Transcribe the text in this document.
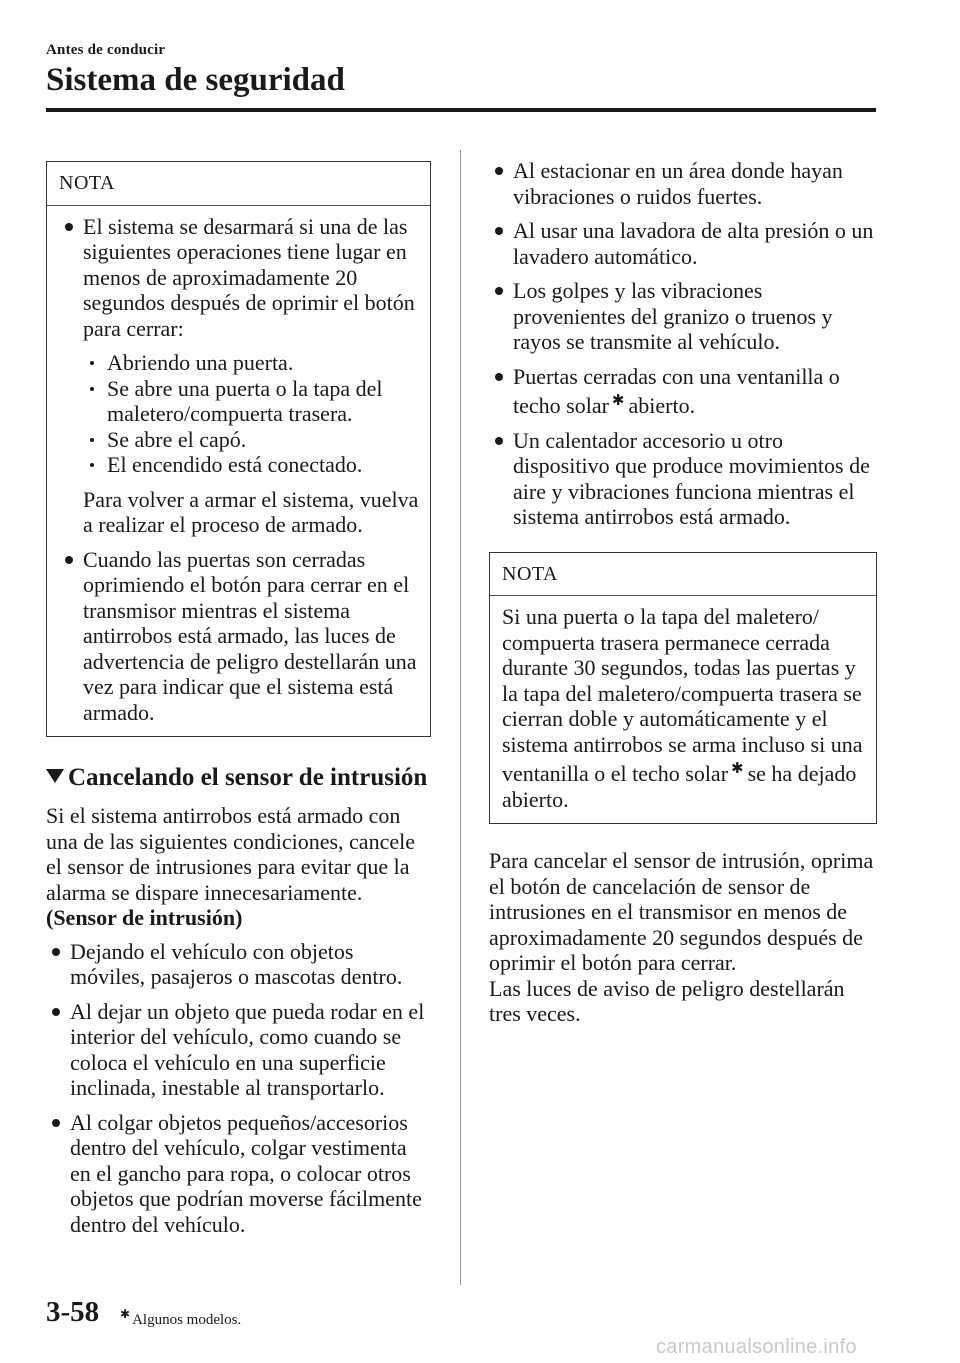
Antes de conducir
Sistema de seguridad
NOTA
El sistema se desarmará si una de las siguientes operaciones tiene lugar en menos de aproximadamente 20 segundos después de oprimir el botón para cerrar:
Abriendo una puerta.
Se abre una puerta o la tapa del maletero/compuerta trasera.
Se abre el capó.
El encendido está conectado.

Para volver a armar el sistema, vuelva a realizar el proceso de armado.

Cuando las puertas son cerradas oprimiendo el botón para cerrar en el transmisor mientras el sistema antirrobos está armado, las luces de advertencia de peligro destellarán una vez para indicar que el sistema está armado.
Cancelando el sensor de intrusión

Si el sistema antirrobos está armado con una de las siguientes condiciones, cancele el sensor de intrusiones para evitar que la alarma se dispare innecesariamente.

(Sensor de intrusión)

Dejando el vehículo con objetos móviles, pasajeros o mascotas dentro.
Al dejar un objeto que pueda rodar en el interior del vehículo, como cuando se coloca el vehículo en una superficie inclinada, inestable al transportarlo.
Al colgar objetos pequeños/accesorios dentro del vehículo, colgar vestimenta en el gancho para ropa, o colocar otros objetos que podrían moverse fácilmente dentro del vehículo.
Al estacionar en un área donde hayan vibraciones o ruidos fuertes.
Al usar una lavadora de alta presión o un lavadero automático.
Los golpes y las vibraciones provenientes del granizo o truenos y rayos se transmite al vehículo.
Puertas cerradas con una ventanilla o techo solar ✱ abierto.
Un calentador accesorio u otro dispositivo que produce movimientos de aire y vibraciones funciona mientras el sistema antirrobos está armado.
NOTA

Si una puerta o la tapa del maletero/ compuerta trasera permanece cerrada durante 30 segundos, todas las puertas y la tapa del maletero/compuerta trasera se cierran doble y automáticamente y el sistema antirrobos se arma incluso si una ventanilla o el techo solar ✱ se ha dejado abierto.

Para cancelar el sensor de intrusión, oprima el botón de cancelación de sensor de intrusiones en el transmisor en menos de aproximadamente 20 segundos después de oprimir el botón para cerrar.

Las luces de aviso de peligro destellarán tres veces.

3-58 ✱ Algunos modelos.
carmanualsonline.info
